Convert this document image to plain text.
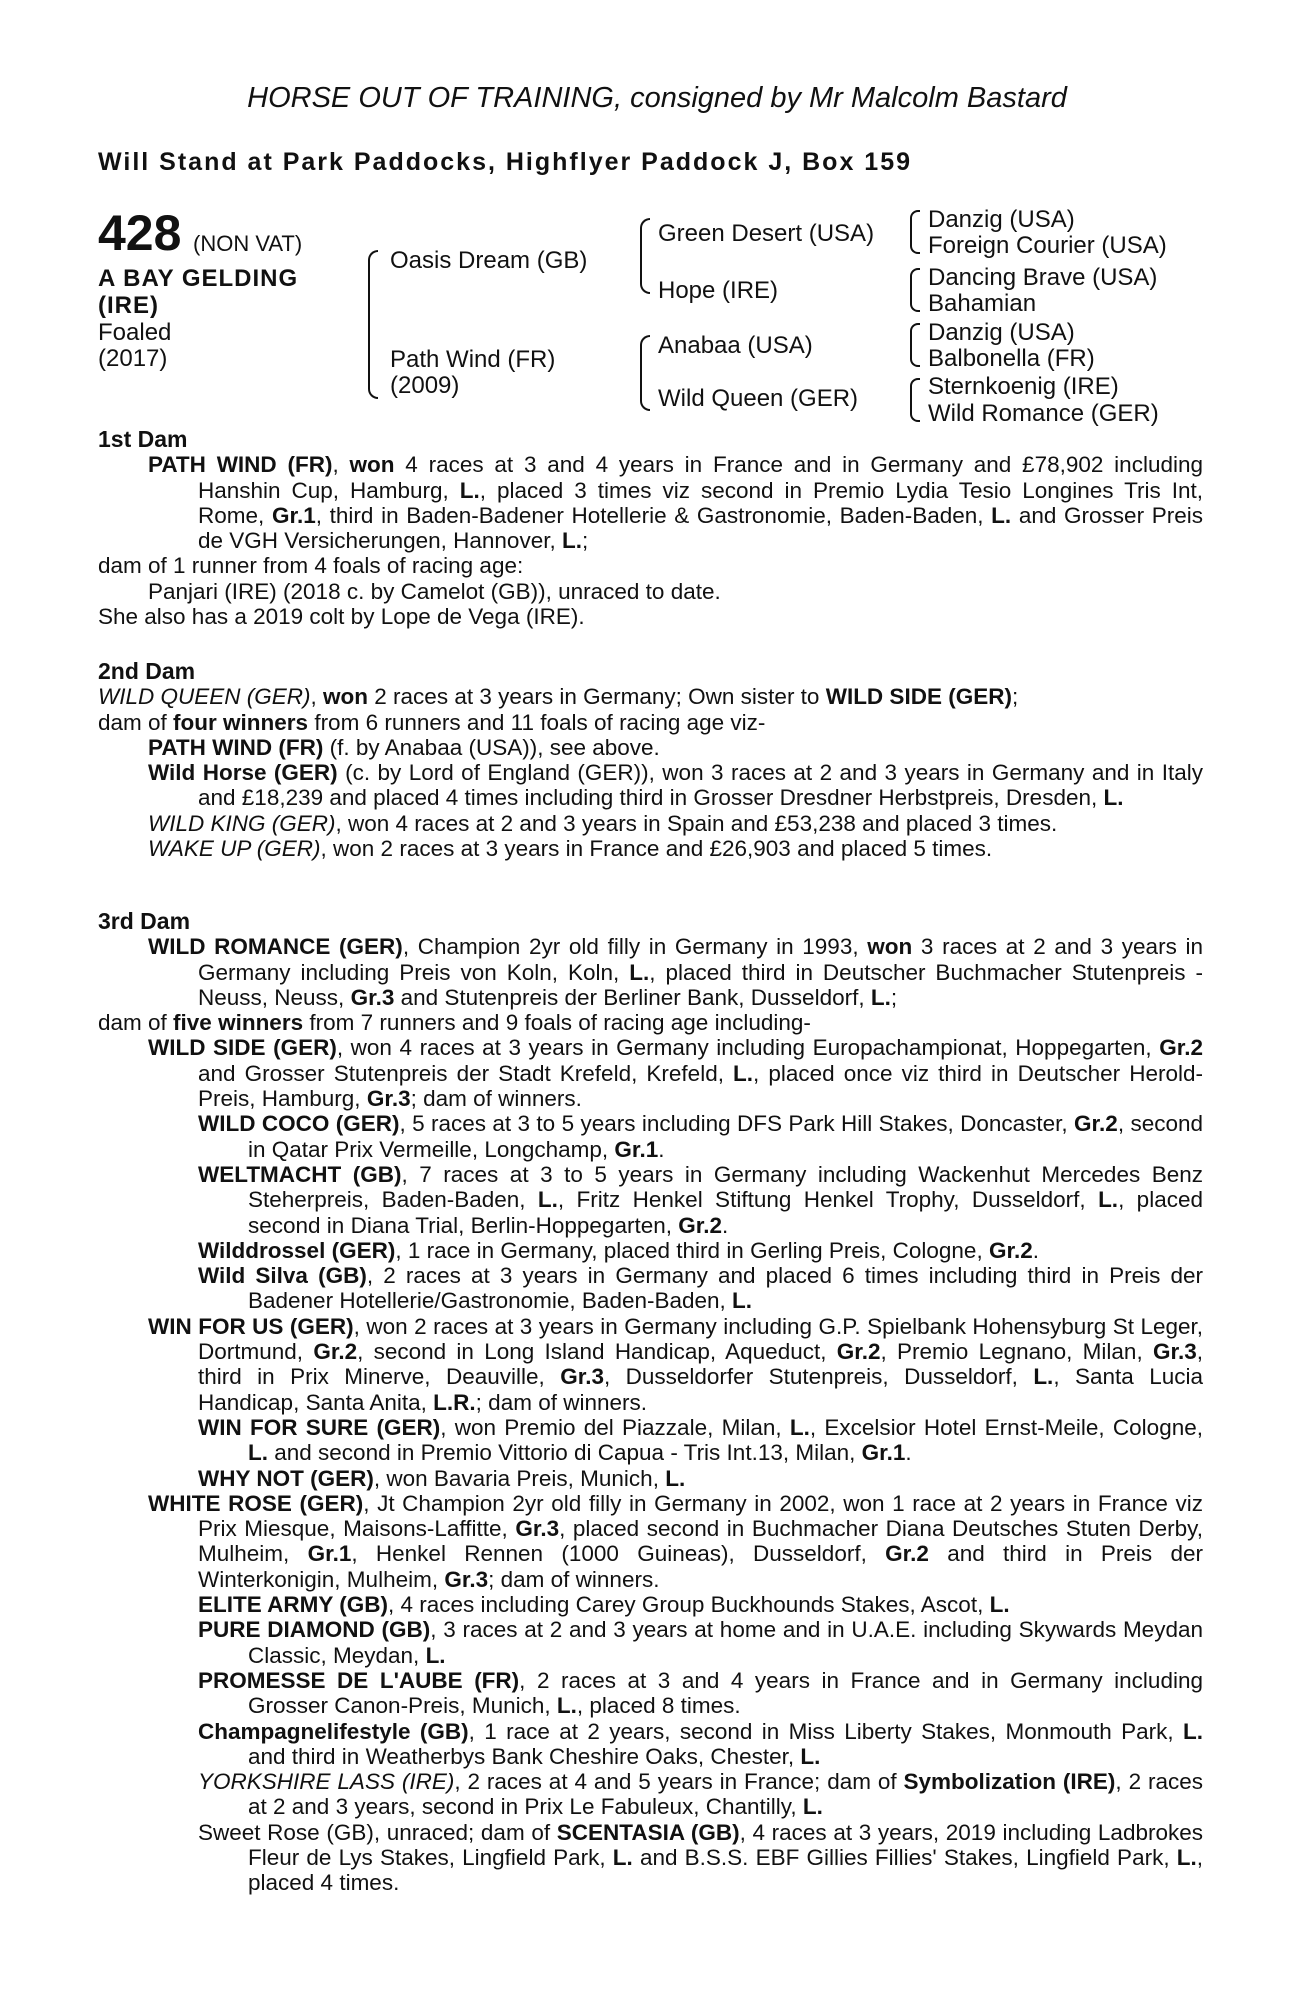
HORSE OUT OF TRAINING, consigned by Mr Malcolm Bastard
Will Stand at Park Paddocks, Highflyer Paddock J, Box 159
428 (NON VAT)
A BAY GELDING
(IRE)
Foaled
(2017)
Oasis Dream (GB)
Path Wind (FR)
(2009)
Green Desert (USA)
Hope (IRE)
Anabaa (USA)
Wild Queen (GER)
Danzig (USA)
Foreign Courier (USA)
Dancing Brave (USA)
Bahamian
Danzig (USA)
Balbonella (FR)
Sternkoenig (IRE)
Wild Romance (GER)

1st Dam

PATH WIND (FR), won 4 races at 3 and 4 years in France and in Germany and £78,902 including Hanshin Cup, Hamburg, L., placed 3 times viz second in Premio Lydia Tesio Longines Tris Int, Rome, Gr.1, third in Baden-Badener Hotellerie & Gastronomie, Baden-Baden, L. and Grosser Preis de VGH Versicherungen, Hannover, L.;

dam of 1 runner from 4 foals of racing age:

Panjari (IRE) (2018 c. by Camelot (GB)), unraced to date.

She also has a 2019 colt by Lope de Vega (IRE).

2nd Dam

WILD QUEEN (GER), won 2 races at 3 years in Germany; Own sister to WILD SIDE (GER);

dam of four winners from 6 runners and 11 foals of racing age viz-

PATH WIND (FR) (f. by Anabaa (USA)), see above.

Wild Horse (GER) (c. by Lord of England (GER)), won 3 races at 2 and 3 years in Germany and in Italy and £18,239 and placed 4 times including third in Grosser Dresdner Herbstpreis, Dresden, L.

WILD KING (GER), won 4 races at 2 and 3 years in Spain and £53,238 and placed 3 times.

WAKE UP (GER), won 2 races at 3 years in France and £26,903 and placed 5 times.

3rd Dam

WILD ROMANCE (GER), Champion 2yr old filly in Germany in 1993, won 3 races at 2 and 3 years in Germany including Preis von Koln, Koln, L., placed third in Deutscher Buchmacher Stutenpreis - Neuss, Neuss, Gr.3 and Stutenpreis der Berliner Bank, Dusseldorf, L.;

dam of five winners from 7 runners and 9 foals of racing age including-

WILD SIDE (GER), won 4 races at 3 years in Germany including Europachampionat, Hoppegarten, Gr.2 and Grosser Stutenpreis der Stadt Krefeld, Krefeld, L., placed once viz third in Deutscher Herold-Preis, Hamburg, Gr.3; dam of winners.

WILD COCO (GER), 5 races at 3 to 5 years including DFS Park Hill Stakes, Doncaster, Gr.2, second in Qatar Prix Vermeille, Longchamp, Gr.1.

WELTMACHT (GB), 7 races at 3 to 5 years in Germany including Wackenhut Mercedes Benz Steherpreis, Baden-Baden, L., Fritz Henkel Stiftung Henkel Trophy, Dusseldorf, L., placed second in Diana Trial, Berlin-Hoppegarten, Gr.2.

Wilddrossel (GER), 1 race in Germany, placed third in Gerling Preis, Cologne, Gr.2.

Wild Silva (GB), 2 races at 3 years in Germany and placed 6 times including third in Preis der Badener Hotellerie/Gastronomie, Baden-Baden, L.

WIN FOR US (GER), won 2 races at 3 years in Germany including G.P. Spielbank Hohensyburg St Leger, Dortmund, Gr.2, second in Long Island Handicap, Aqueduct, Gr.2, Premio Legnano, Milan, Gr.3, third in Prix Minerve, Deauville, Gr.3, Dusseldorfer Stutenpreis, Dusseldorf, L., Santa Lucia Handicap, Santa Anita, L.R.; dam of winners.

WIN FOR SURE (GER), won Premio del Piazzale, Milan, L., Excelsior Hotel Ernst-Meile, Cologne, L. and second in Premio Vittorio di Capua - Tris Int.13, Milan, Gr.1.

WHY NOT (GER), won Bavaria Preis, Munich, L.

WHITE ROSE (GER), Jt Champion 2yr old filly in Germany in 2002, won 1 race at 2 years in France viz Prix Miesque, Maisons-Laffitte, Gr.3, placed second in Buchmacher Diana Deutsches Stuten Derby, Mulheim, Gr.1, Henkel Rennen (1000 Guineas), Dusseldorf, Gr.2 and third in Preis der Winterkonigin, Mulheim, Gr.3; dam of winners.

ELITE ARMY (GB), 4 races including Carey Group Buckhounds Stakes, Ascot, L.

PURE DIAMOND (GB), 3 races at 2 and 3 years at home and in U.A.E. including Skywards Meydan Classic, Meydan, L.

PROMESSE DE L'AUBE (FR), 2 races at 3 and 4 years in France and in Germany including Grosser Canon-Preis, Munich, L., placed 8 times.

Champagnelifestyle (GB), 1 race at 2 years, second in Miss Liberty Stakes, Monmouth Park, L. and third in Weatherbys Bank Cheshire Oaks, Chester, L.

YORKSHIRE LASS (IRE), 2 races at 4 and 5 years in France; dam of Symbolization (IRE), 2 races at 2 and 3 years, second in Prix Le Fabuleux, Chantilly, L.

Sweet Rose (GB), unraced; dam of SCENTASIA (GB), 4 races at 3 years, 2019 including Ladbrokes Fleur de Lys Stakes, Lingfield Park, L. and B.S.S. EBF Gillies Fillies' Stakes, Lingfield Park, L., placed 4 times.
